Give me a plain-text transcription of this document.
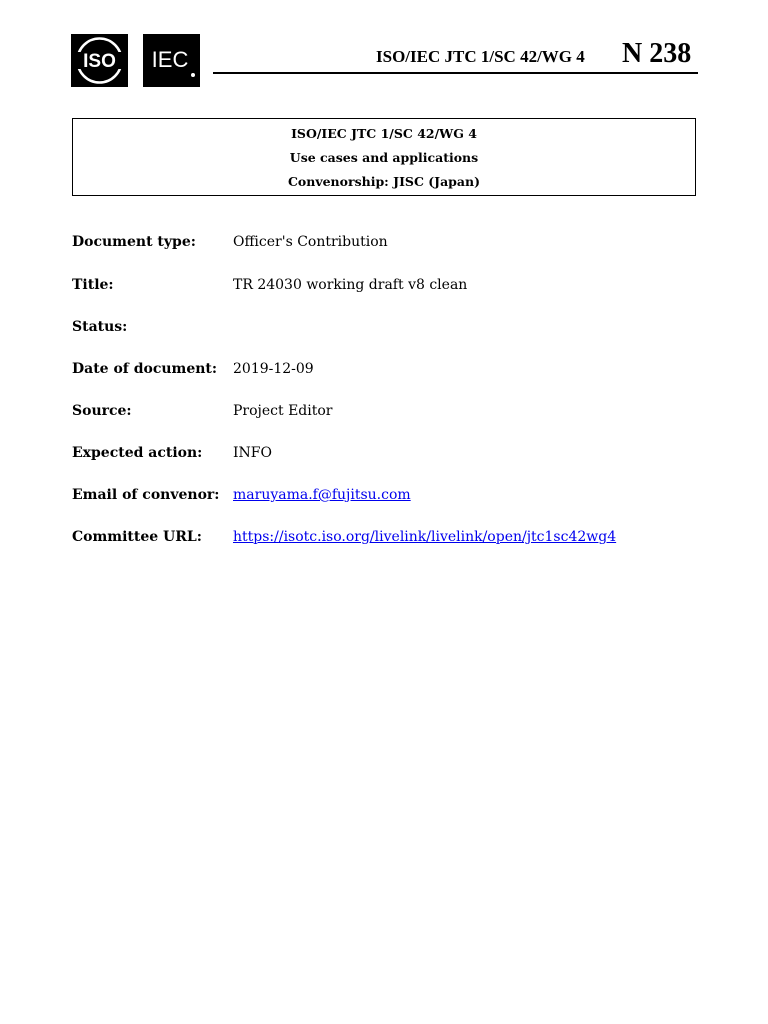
ISO IEC	ISO/IEC JTC 1/SC 42/WG 4 N 238
ISO/IEC JTC 1/SC 42/WG 4
Use cases and applications
Convenorship: JISC (Japan)
Document type:	Officer's Contribution
Title:	TR 24030 working draft v8 clean
Status:
Date of document: 2019-12-09
Source:	Project Editor
Expected action: INFO
Email of convenor: maruyama.f@fujitsu.com
Committee URL: https://isotc.iso.org/livelink/livelink/open/jtc1sc42wg4
